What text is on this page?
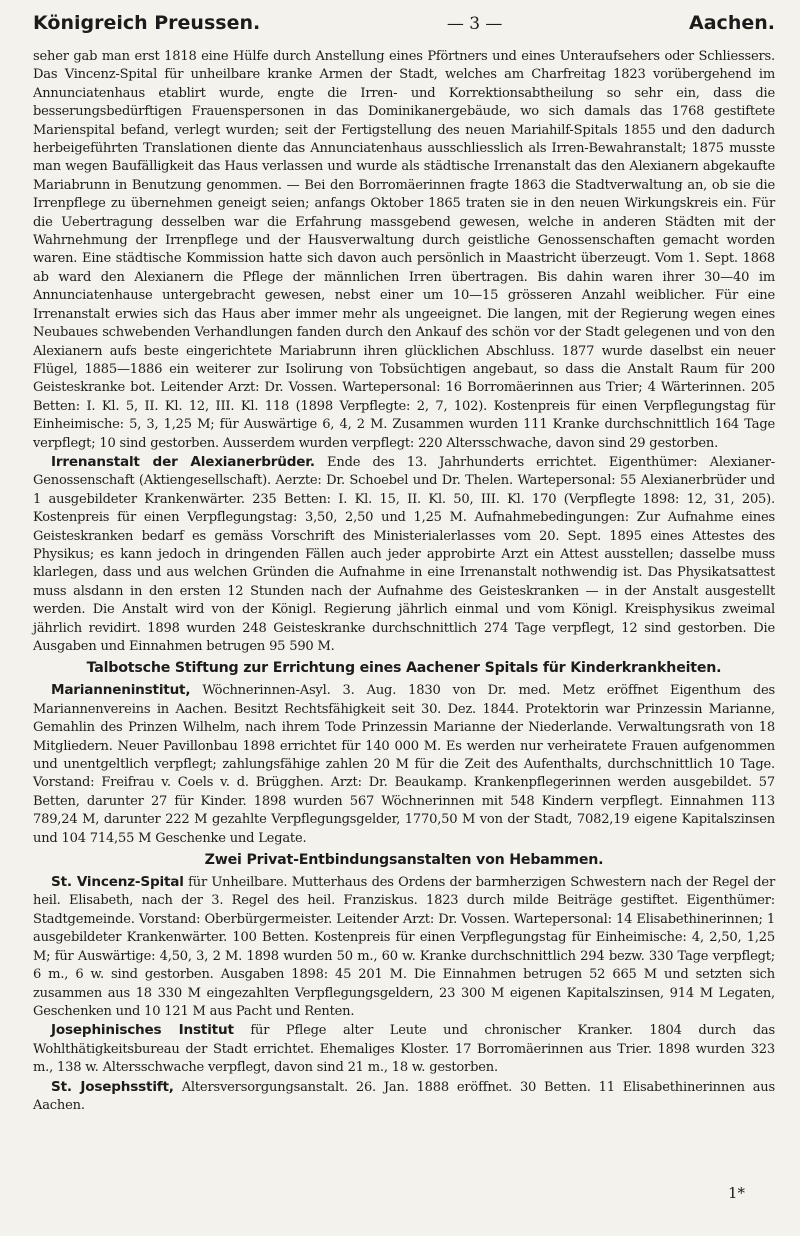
Königreich Preussen.	— 3 —	Aachen.

seher gab man erst 1818 eine Hülfe durch Anstellung eines Pförtners und eines Unteraufsehers oder Schliessers. Das Vincenz-Spital für unheilbare kranke Armen der Stadt, welches am Charfreitag 1823 vorübergehend im Annunciatenhaus etablirt wurde, engte die Irren- und Korrektionsabtheilung so sehr ein, dass die besserungsbedürftigen Frauenspersonen in das Dominikanergebäude, wo sich damals das 1768 gestiftete Marienspital befand, verlegt wurden; seit der Fertigstellung des neuen Mariahilf-Spitals 1855 und den dadurch herbeigeführten Translationen diente das Annunciatenhaus ausschliesslich als Irren-Bewahranstalt; 1875 musste man wegen Baufälligkeit das Haus verlassen und wurde als städtische Irrenanstalt das den Alexianern abgekaufte Mariabrunn in Benutzung genommen. — Bei den Borromäerinnen fragte 1863 die Stadtverwaltung an, ob sie die Irrenpflege zu übernehmen geneigt seien; anfangs Oktober 1865 traten sie in den neuen Wirkungskreis ein. Für die Uebertragung desselben war die Erfahrung massgebend gewesen, welche in anderen Städten mit der Wahrnehmung der Irrenpflege und der Hausverwaltung durch geistliche Genossenschaften gemacht worden waren. Eine städtische Kommission hatte sich davon auch persönlich in Maastricht überzeugt. Vom 1. Sept. 1868 ab ward den Alexianern die Pflege der männlichen Irren übertragen. Bis dahin waren ihrer 30—40 im Annunciatenhause untergebracht gewesen, nebst einer um 10—15 grösseren Anzahl weiblicher. Für eine Irrenanstalt erwies sich das Haus aber immer mehr als ungeeignet. Die langen, mit der Regierung wegen eines Neubaues schwebenden Verhandlungen fanden durch den Ankauf des schön vor der Stadt gelegenen und von den Alexianern aufs beste eingerichtete Mariabrunn ihren glücklichen Abschluss. 1877 wurde daselbst ein neuer Flügel, 1885—1886 ein weiterer zur Isolirung von Tobsüchtigen angebaut, so dass die Anstalt Raum für 200 Geisteskranke bot. Leitender Arzt: Dr. Vossen. Wartepersonal: 16 Borromäerinnen aus Trier; 4 Wärterinnen. 205 Betten: I. Kl. 5, II. Kl. 12, III. Kl. 118 (1898 Verpflegte: 2, 7, 102). Kostenpreis für einen Verpflegungstag für Einheimische: 5, 3, 1,25 M; für Auswärtige 6, 4, 2 M. Zusammen wurden 111 Kranke durchschnittlich 164 Tage verpflegt; 10 sind gestorben. Ausserdem wurden verpflegt: 220 Altersschwache, davon sind 29 gestorben.

Irrenanstalt der Alexianerbrüder. Ende des 13. Jahrhunderts errichtet. Eigenthümer: Alexianer-Genossenschaft (Aktiengesellschaft). Aerzte: Dr. Schoebel und Dr. Thelen. Wartepersonal: 55 Alexianerbrüder und 1 ausgebildeter Krankenwärter. 235 Betten: I. Kl. 15, II. Kl. 50, III. Kl. 170 (Verpflegte 1898: 12, 31, 205). Kostenpreis für einen Verpflegungstag: 3,50, 2,50 und 1,25 M. Aufnahmebedingungen: Zur Aufnahme eines Geisteskranken bedarf es gemäss Vorschrift des Ministerialerlasses vom 20. Sept. 1895 eines Attestes des Physikus; es kann jedoch in dringenden Fällen auch jeder approbirte Arzt ein Attest ausstellen; dasselbe muss klarlegen, dass und aus welchen Gründen die Aufnahme in eine Irrenanstalt nothwendig ist. Das Physikatsattest muss alsdann in den ersten 12 Stunden nach der Aufnahme des Geisteskranken — in der Anstalt ausgestellt werden. Die Anstalt wird von der Königl. Regierung jährlich einmal und vom Königl. Kreisphysikus zweimal jährlich revidirt. 1898 wurden 248 Geisteskranke durchschnittlich 274 Tage verpflegt, 12 sind gestorben. Die Ausgaben und Einnahmen betrugen 95 590 M.

Talbotsche Stiftung zur Errichtung eines Aachener Spitals für Kinderkrankheiten.

Marianneninstitut, Wöchnerinnen-Asyl. 3. Aug. 1830 von Dr. med. Metz eröffnet Eigenthum des Mariannenvereins in Aachen. Besitzt Rechtsfähigkeit seit 30. Dez. 1844. Protektorin war Prinzessin Marianne, Gemahlin des Prinzen Wilhelm, nach ihrem Tode Prinzessin Marianne der Niederlande. Verwaltungsrath von 18 Mitgliedern. Neuer Pavillonbau 1898 errichtet für 140 000 M. Es werden nur verheiratete Frauen aufgenommen und unentgeltlich verpflegt; zahlungsfähige zahlen 20 M für die Zeit des Aufenthalts, durchschnittlich 10 Tage. Vorstand: Freifrau v. Coels v. d. Brügghen. Arzt: Dr. Beaukamp. Krankenpflegerinnen werden ausgebildet. 57 Betten, darunter 27 für Kinder. 1898 wurden 567 Wöchnerinnen mit 548 Kindern verpflegt. Einnahmen 113 789,24 M, darunter 222 M gezahlte Verpflegungsgelder, 1770,50 M von der Stadt, 7082,19 eigene Kapitalszinsen und 104 714,55 M Geschenke und Legate.

Zwei Privat-Entbindungsanstalten von Hebammen.

St. Vincenz-Spital für Unheilbare. Mutterhaus des Ordens der barmherzigen Schwestern nach der Regel der heil. Elisabeth, nach der 3. Regel des heil. Franziskus. 1823 durch milde Beiträge gestiftet. Eigenthümer: Stadtgemeinde. Vorstand: Oberbürgermeister. Leitender Arzt: Dr. Vossen. Wartepersonal: 14 Elisabethinerinnen; 1 ausgebildeter Krankenwärter. 100 Betten. Kostenpreis für einen Verpflegungstag für Einheimische: 4, 2,50, 1,25 M; für Auswärtige: 4,50, 3, 2 M. 1898 wurden 50 m., 60 w. Kranke durchschnittlich 294 bezw. 330 Tage verpflegt; 6 m., 6 w. sind gestorben. Ausgaben 1898: 45 201 M. Die Einnahmen betrugen 52 665 M und setzten sich zusammen aus 18 330 M eingezahlten Verpflegungsgeldern, 23 300 M eigenen Kapitalszinsen, 914 M Legaten, Geschenken und 10 121 M aus Pacht und Renten.

Josephinisches Institut für Pflege alter Leute und chronischer Kranker. 1804 durch das Wohlthätigkeitsbureau der Stadt errichtet. Ehemaliges Kloster. 17 Borromäerinnen aus Trier. 1898 wurden 323 m., 138 w. Altersschwache verpflegt, davon sind 21 m., 18 w. gestorben.

St. Josephsstift, Altersversorgungsanstalt. 26. Jan. 1888 eröffnet. 30 Betten. 11 Elisabethinerinnen aus Aachen.

1*
